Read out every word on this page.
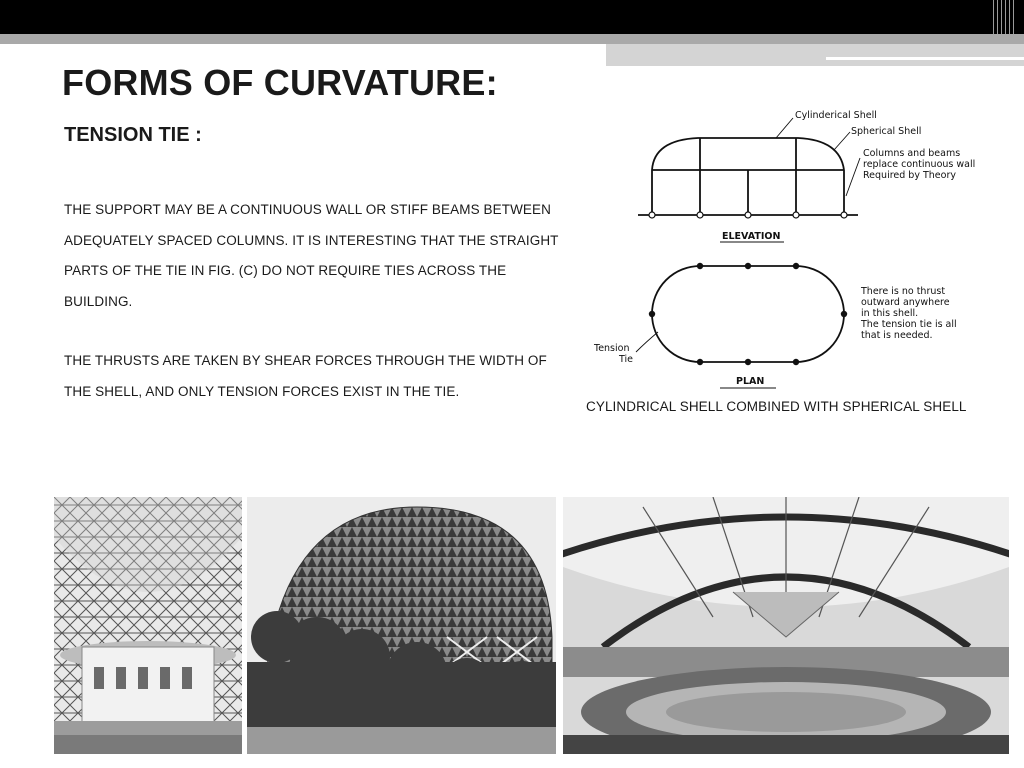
FORMS OF CURVATURE:
TENSION TIE :

THE SUPPORT MAY BE A CONTINUOUS WALL OR STIFF BEAMS BETWEEN ADEQUATELY SPACED COLUMNS. IT IS INTERESTING THAT THE STRAIGHT PARTS OF THE TIE IN FIG. (C) DO NOT REQUIRE TIES ACROSS THE BUILDING.

THE THRUSTS ARE TAKEN BY SHEAR FORCES THROUGH THE WIDTH OF THE SHELL, AND ONLY TENSION FORCES EXIST IN THE TIE.

Cylinderical Shell
Spherical Shell
Columns and beams
replace continuous wall
Required by Theory
ELEVATION
There is no thrust
outward anywhere
in this shell.
The tension tie is all
that is needed.
Tension
Tie
PLAN
CYLINDRICAL SHELL COMBINED WITH SPHERICAL SHELL
